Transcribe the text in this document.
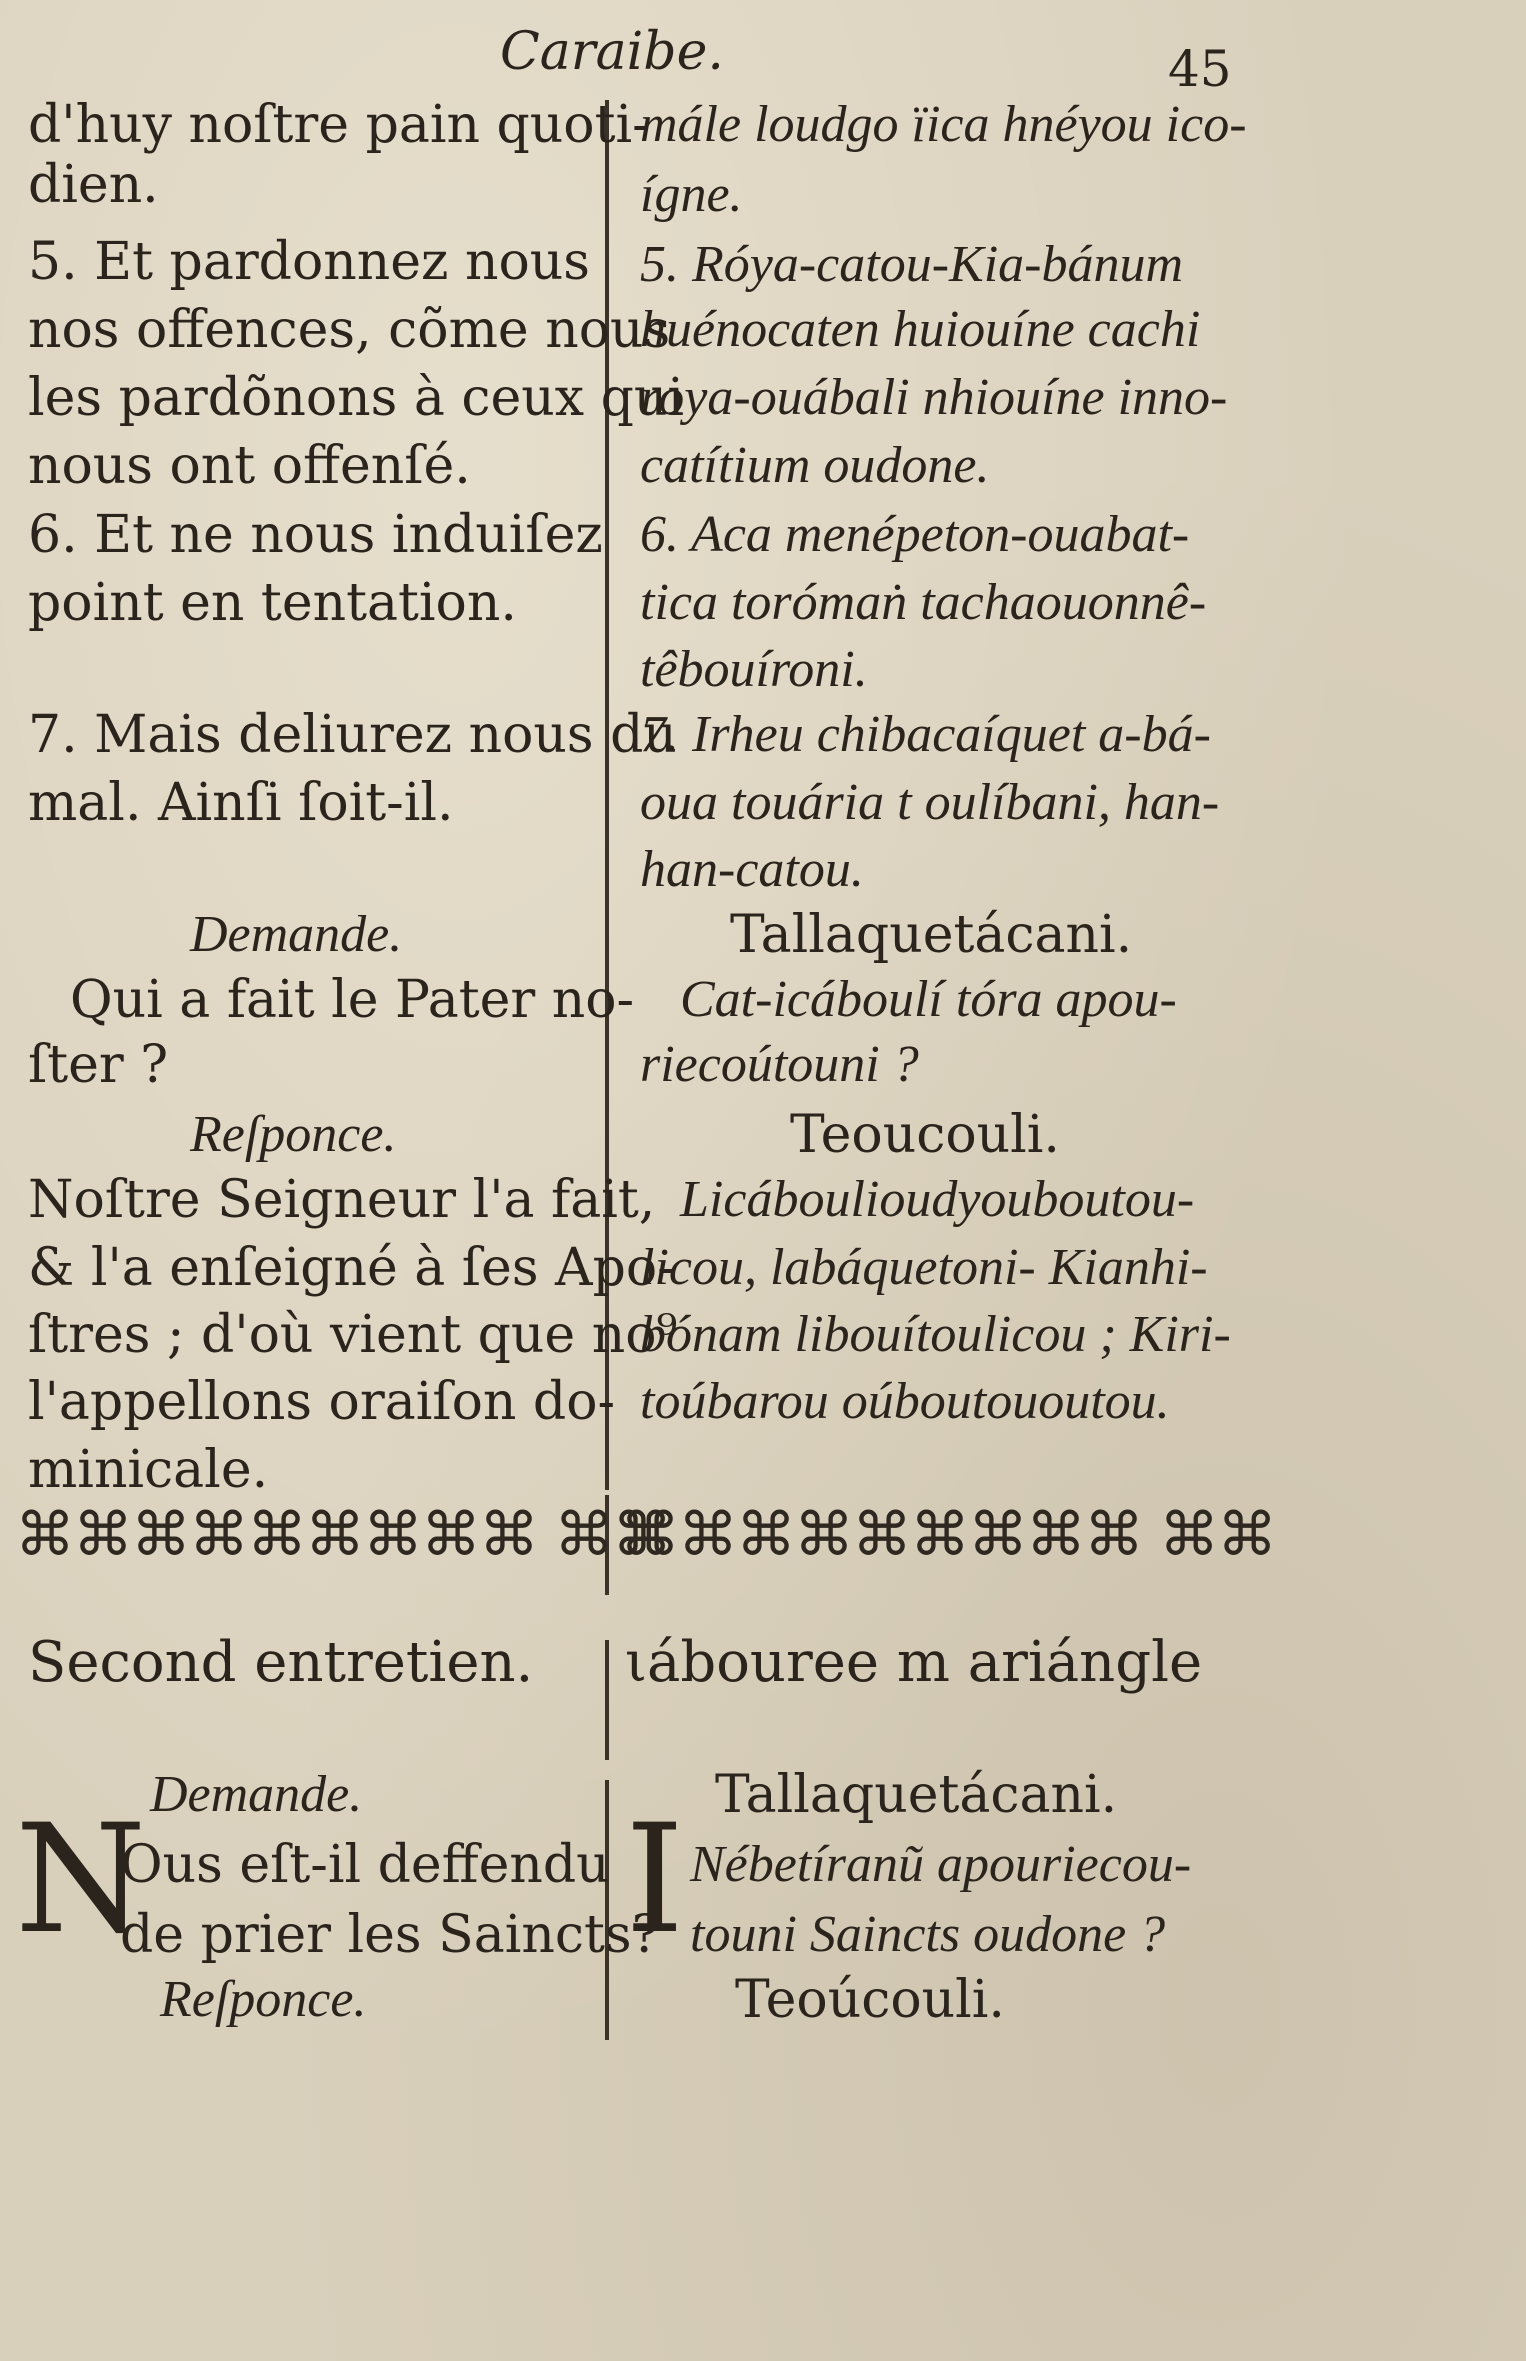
Caraibe.	45
d'huy noſtre pain quoti-
dien.
5. Et pardonnez nous
nos offences, cõme nous
les pardõnons à ceux qui
nous ont offenſé.
6. Et ne nous induiſez
point en tentation.
7. Mais deliurez nous du
mal. Ainſi ſoit-il.
Demande.
Qui a fait le Pater no-
ſter ?
Reſponce.
Noſtre Seigneur l'a fait,
& l'a enſeigné à ſes Apo-
ſtres ; d'où vient que no⁹
l'appellons oraiſon do-
minicale.
⌘⌘⌘⌘⌘⌘⌘⌘⌘ ⌘⌘
Second entretien.
Demande.
N
Ous eſt-il deffendu
de prier les Saincts?
Reſponce.
mále loudgo ïica hnéyou ico-
ígne.
5. Róya-catou-Kia-bánum
huénocaten huiouíne cachi
roya-ouábali nhiouíne inno-
catítium oudone.
6. Aca menépeton-ouabat-
tica torómaṅ tachaouonnê-
têbouíroni.
7. Irheu chibacaíquet a-bá-
oua touária t oulíbani, han-
han-catou.
Tallaquetácani.
Cat-icáboulí tóra apou-
riecoútouni ?
Teoucouli.
Licáboulioudyouboutou-
licou, labáquetoni- Kianhi-
bónam libouítoulicou ; Kiri-
toúbarou oúboutououtou.
⌘⌘⌘⌘⌘⌘⌘⌘⌘ ⌘⌘
ιábouree m ariángle
Tallaquetácani.
I Nébetíranũ apouriecou-
touni Saincts oudone ?
Teoúcouli.
